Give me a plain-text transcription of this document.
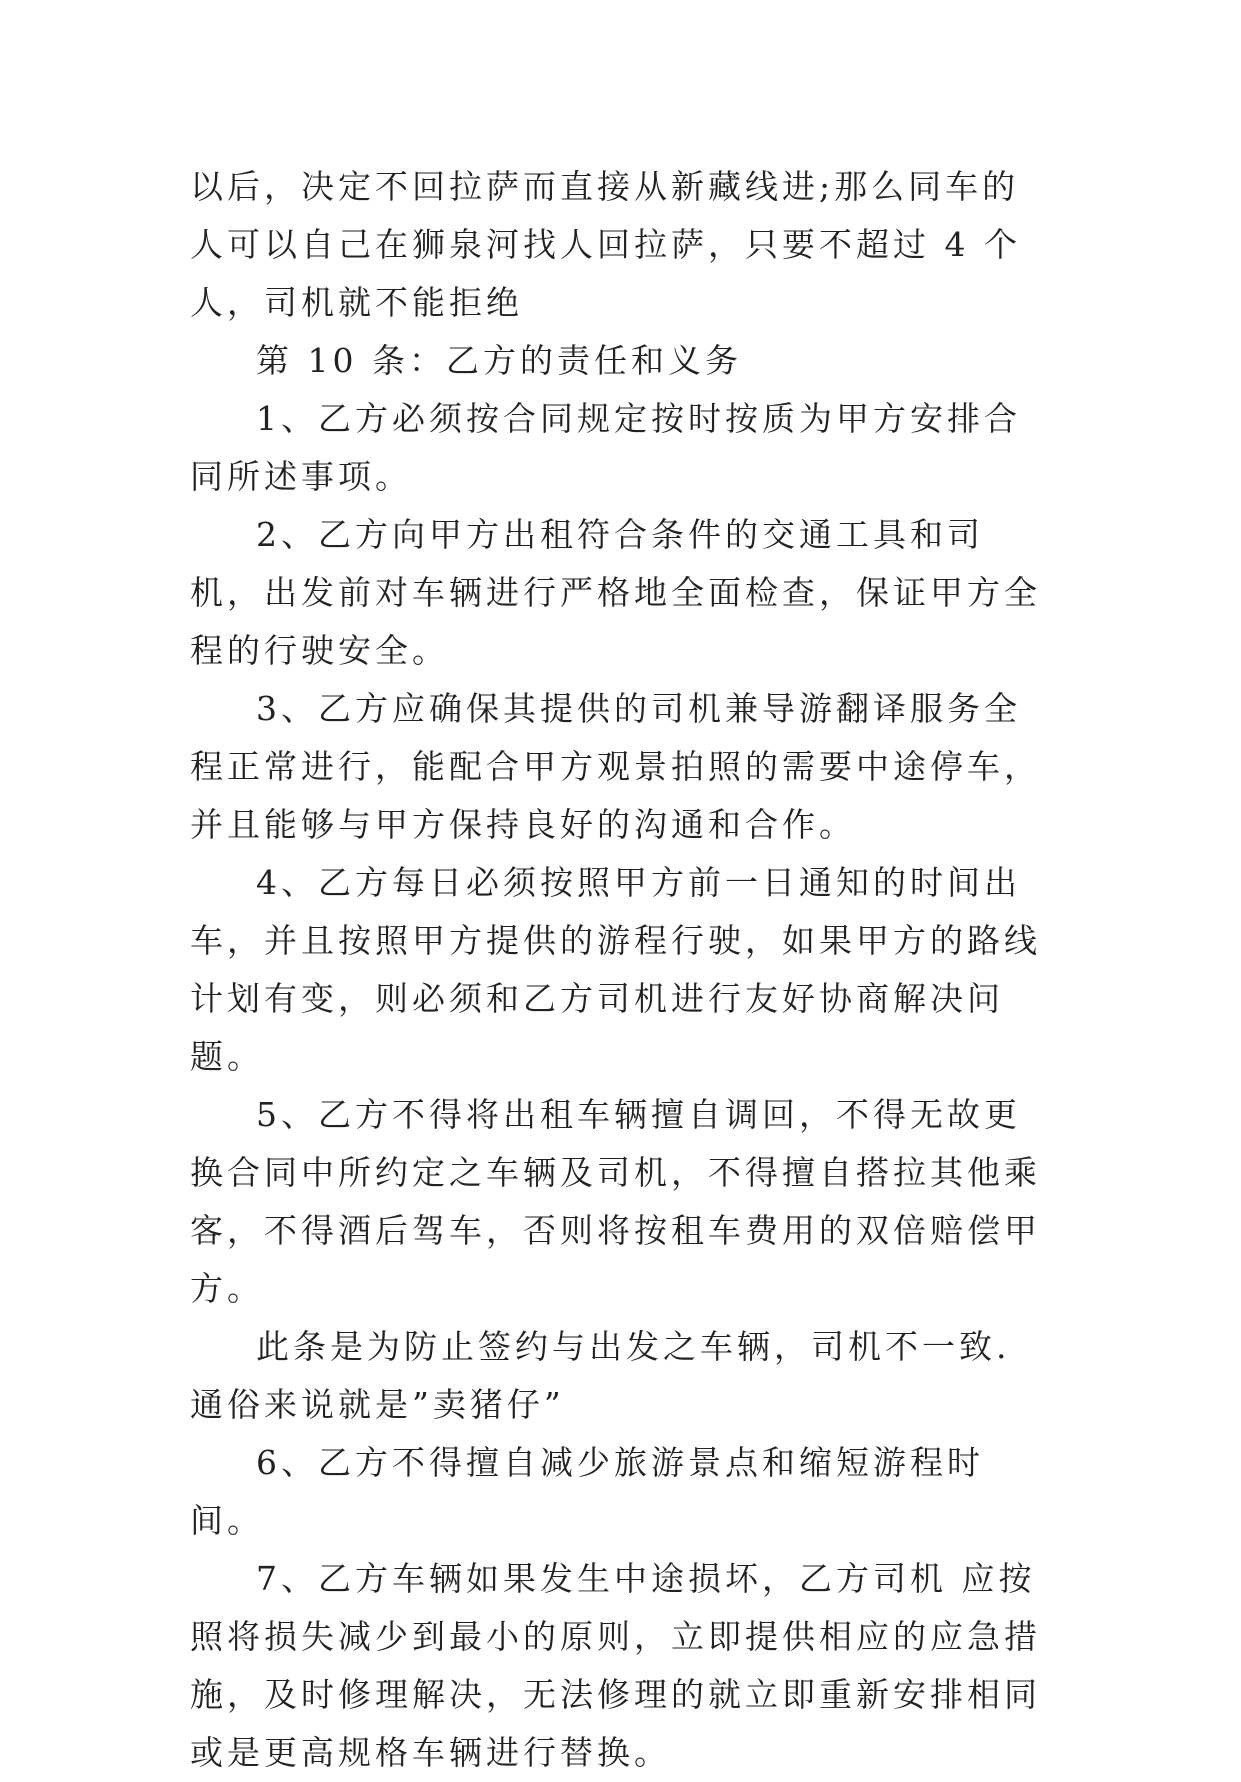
以后，决定不回拉萨而直接从新藏线进;那么同车的人可以自己在狮泉河找人回拉萨，只要不超过 4 个人，司机就不能拒绝

第 10 条：乙方的责任和义务

1、乙方必须按合同规定按时按质为甲方安排合同所述事项。

2、乙方向甲方出租符合条件的交通工具和司机，出发前对车辆进行严格地全面检查，保证甲方全程的行驶安全。

3、乙方应确保其提供的司机兼导游翻译服务全程正常进行，能配合甲方观景拍照的需要中途停车，并且能够与甲方保持良好的沟通和合作。

4、乙方每日必须按照甲方前一日通知的时间出车，并且按照甲方提供的游程行驶，如果甲方的路线计划有变，则必须和乙方司机进行友好协商解决问题。

5、乙方不得将出租车辆擅自调回，不得无故更换合同中所约定之车辆及司机，不得擅自搭拉其他乘客，不得酒后驾车，否则将按租车费用的双倍赔偿甲方。

此条是为防止签约与出发之车辆，司机不一致. 通俗来说就是”卖猪仔”

6、乙方不得擅自减少旅游景点和缩短游程时间。

7、乙方车辆如果发生中途损坏，乙方司机 应按照将损失减少到最小的原则，立即提供相应的应急措施，及时修理解决，无法修理的就立即重新安排相同或是更高规格车辆进行替换。
